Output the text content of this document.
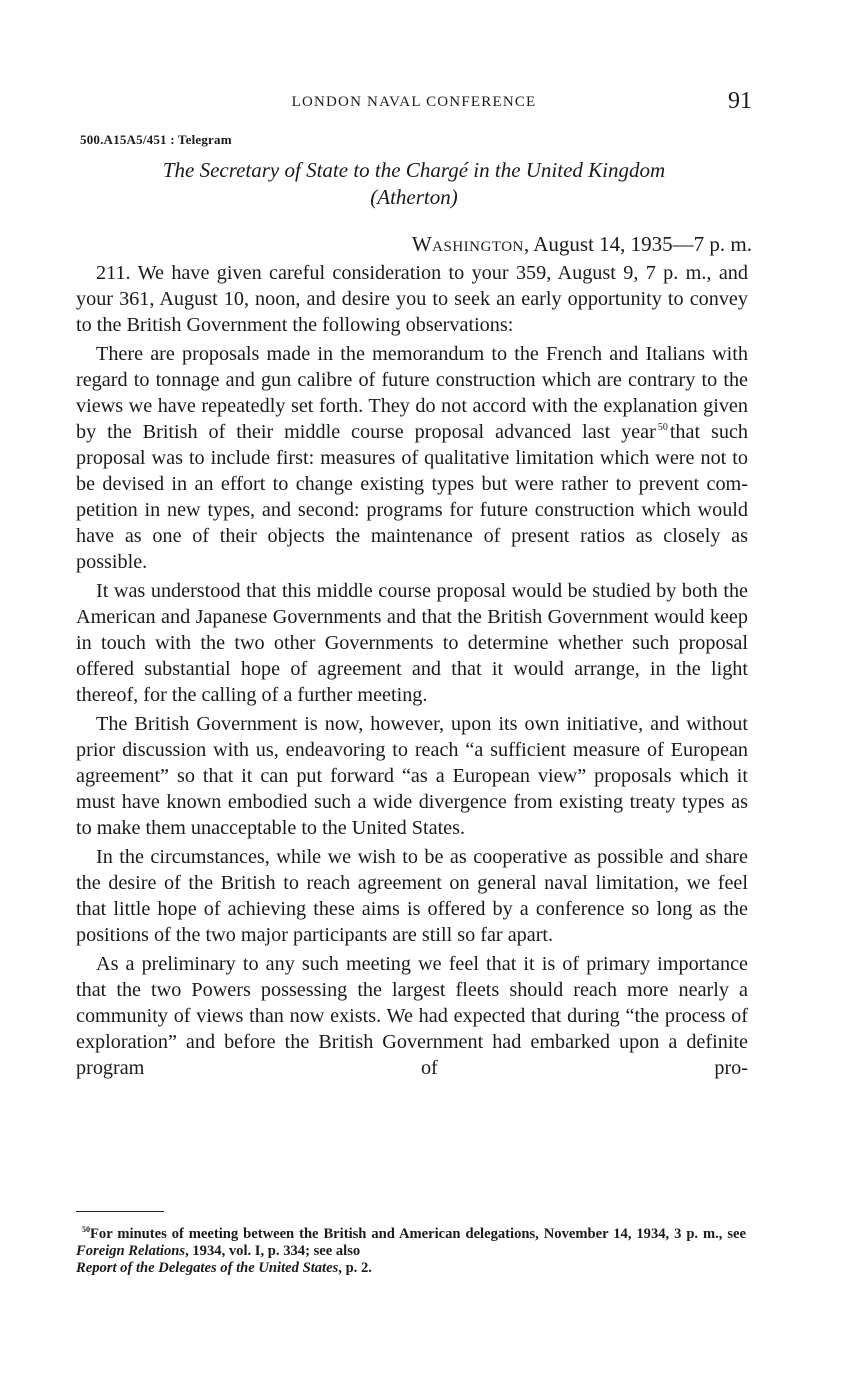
LONDON NAVAL CONFERENCE	91
500.A15A5/451 : Telegram
The Secretary of State to the Chargé in the United Kingdom
(Atherton)
Washington, August 14, 1935—7 p. m.

211. We have given careful consideration to your 359, August 9, 7 p. m., and your 361, August 10, noon, and desire you to seek an early opportunity to convey to the British Government the following observations:

There are proposals made in the memorandum to the French and Italians with regard to tonnage and gun calibre of future construction which are contrary to the views we have repeatedly set forth. They do not accord with the explanation given by the British of their middle course proposal advanced last year $^{50}$that such proposal was to include first: measures of qualitative limitation which were not to be devised in an effort to change existing types but were rather to prevent competition in new types, and second: programs for future construction which would have as one of their objects the maintenance of present ratios as closely as possible.

It was understood that this middle course proposal would be studied by both the American and Japanese Governments and that the British Government would keep in touch with the two other Governments to determine whether such proposal offered substantial hope of agreement and that it would arrange, in the light thereof, for the calling of a further meeting.

The British Government is now, however, upon its own initiative, and without prior discussion with us, endeavoring to reach “a sufficient measure of European agreement” so that it can put forward “as a European view” proposals which it must have known embodied such a wide divergence from existing treaty types as to make them unacceptable to the United States.

In the circumstances, while we wish to be as cooperative as possible and share the desire of the British to reach agreement on general naval limitation, we feel that little hope of achieving these aims is offered by a conference so long as the positions of the two major participants are still so far apart.

As a preliminary to any such meeting we feel that it is of primary importance that the two Powers possessing the largest fleets should reach more nearly a community of views than now exists. We had expected that during “the process of exploration” and before the British Government had embarked upon a definite program of pro-

$^{50}$For minutes of meeting between the British and American delegations, November 14, 1934, 3 p. m., see Foreign Relations, 1934, vol. I, p. 334; see also
Report of the Delegates of the United States, p. 2.
